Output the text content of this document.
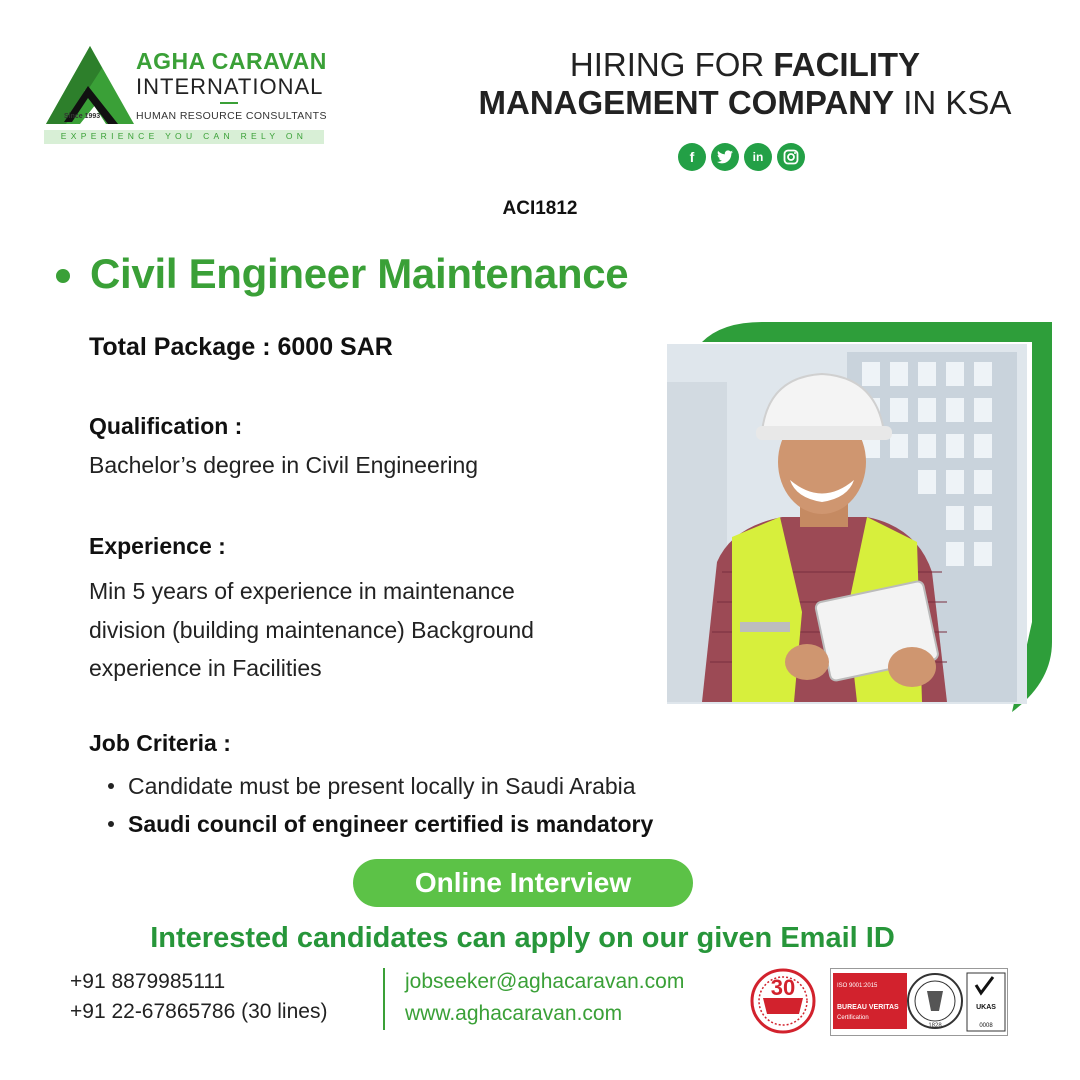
AGHA CARAVAN
INTERNATIONAL
HUMAN RESOURCE CONSULTANTS
Since 1993
EXPERIENCE YOU CAN RELY ON
HIRING FOR FACILITY
MANAGEMENT COMPANY IN KSA
f	in
ACI1812
Civil Engineer Maintenance
Total Package : 6000 SAR
Qualification :
Bachelor’s degree in Civil Engineering
Experience :
Min 5 years of experience in maintenance
division (building maintenance) Background
experience in Facilities
Job Criteria :
Candidate must be present locally in Saudi Arabia
Saudi council of engineer certified is mandatory
Online Interview
Interested candidates can apply on our given Email ID
+91 8879985111
+91 22-67865786 (30 lines)
jobseeker@aghacaravan.com
www.aghacaravan.com
30	ISO 9001:2015
BUREAU VERITAS
Certification
1828
UKAS
0008
